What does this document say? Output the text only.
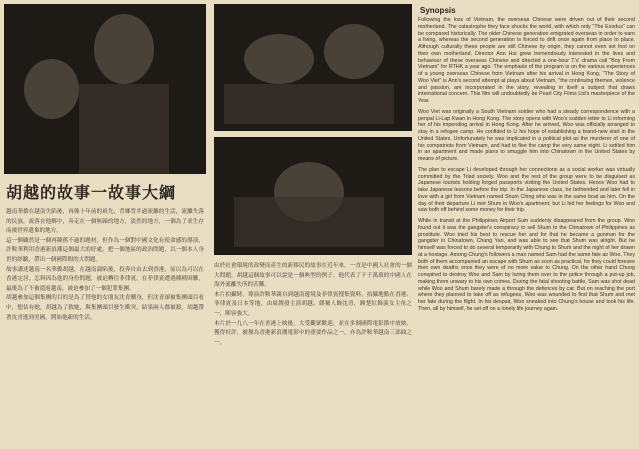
胡越的故事一故事大綱

越南華僑在越南失陷後，再像十年前的祖先，背鄉背井過流離的生活，流離失落的民族，流落在他鄉中，奔走在一個無歸的地方，淡然的地方，一個為了求生存而被世界遺棄的地方。

這一個雖然是一個再陳舊不過的題材，但作為一個對中國文化有使命感的導演，許鞍華利用香港新浪潮這個最大的好處，把一個地區的政治問題，以一個本人身世的經驗，帶出一個國際間的大問題。

故事講述越南一名華僑胡越，在越南淪陷後，投奔自由去到香港，原以為可以在香港定居，怎料因為他的身份問題，被迫轉往菲律賓，在菲律賓遭遇種種困難，最後為了不被遣返越南，被迫參加了一個犯罪集團。

胡越參加這個集團的目的是為了替他的女朋友沈青贖身，但沈青卻被集團頭目看中，想佔有她，胡越為了救她，與集團頭目發生衝突，結果兩人都被殺，胡越帶著沈青逃到美國，開始他新的生活。

由於社會環境的改變而產生的新移民的故事在近年來，一直是中國人社會的一個大問題，胡越這個故事可以說是一個典型的例子，他代表了千千萬萬的中國人在海外流離失所的苦難。

本片拍攝時，導演許鞍華親自到越南邊境及菲律賓搜集資料，拍攝地點在香港、菲律賓及日本等地，由周潤發主演胡越，繆騫人飾沈青，鍾楚紅飾演女主角之一，陣容強大。

本片於一九八一年在香港上映後，大受觀眾歡迎，並在多個國際電影節中放映，獲得好評，被譽為香港新浪潮電影中的重要作品之一，亦為許鞍華越南三部曲之一。

Synopsis

Following the loss of Vietnam, the overseas Chinese were driven out of their second motherland. The catastrophe they face shocks the world, with which only "The Exodus" can be compared historically. The older Chinese generation emigrated overseas in order to earn a living, whereas the second generation is forced to drift once again from place to place. Although culturally these people are still Chinese by origin, they cannot even set foot on their own motherland. Director Ann Hui grew tremendously interested in the lives and behaviour of these overseas Chinese and directed a one-hour T.V. drama call "Boy From Vietnam" for RTHK a year ago. The emphasis of the program is on the various experiences of a young overseas Chinese from Vietnam after his arrival in Hong Kong. "The Story of Woo Viet" is Ann's second attempt at plays about Vietnam, "the continuing themes, violence and passion, are incorporated in the story, revealing in itself a subject that draws international concern. This film will undoubtedly be Pearl City Films Ltd's masterpiece of the Year.

Woo Viet was originally a South Vietnam soldier who had a steady correspondence with a penpal Li-Lap Kwan in Hong Kong. The story opens with Woo's sudden letter to Li informing her of his impending arrival in Hong Kong. After he arrived, Woo was officially arranged to stay in a refugee camp. He confided to Li his hope of establishing a brand-new start in the United States. Unfortunately he was implicated in a political plot as the murderer of one of his compatriots from Vietnam, and had to flee the camp the very same night. Li settled him in an apartment and made plans to smuggle him into Chinatown in the United States by means of picture.

The plan to escape Li developed through her connections as a social worker was virtually committed by the Triad society. Woo and the rest of the group were to be disguised as Japanese tourists holding forged passports visiting the United States. Hence Woo had to take Japanese lessons before the trip. In the Japanese class, he befriended and later fell in love with a girl from Vietnam named Shum Ching who was in the same boat as him. On the day of their departure Li met Shum in Woo's apartment, but Li hid her feelings for Woo and saw both off behind some money for their trip.

While in transit at the Philippines Airport Sum suddenly disappeared from the group. Woo found out it was the gangster's conspiracy to sell Shum to the Chinatown of Philippines as prostitute. Woo tried his best to rescue her and for that he became a gunman for the gangster in Chinatown, Chung Yan, and was able to see that Shum was alright. But he himself was forced to do several temporarily with Chung to Shum and the night of her drawn at a hostage. Among Chung's followers a man named Sam had the same fate as Woo. They both of them accompanied an escape with Shum as soon as practical, for they could foresee their own deaths once they were of no more value to Chung. On the other hand Chung conspired to destroy Woo and Sam by luring them over to the police through a put-up job, making them unwary to his own crimes. During the fatal shooting battle, Sam was shot dead while Woo and Shum barely made a through the defences by car. But on reaching the port where they planned to take off as refugees, Woo was wounded to find that Shum and met her fate during the flight. In his despair, Woo sneaked into Chung's house and took his life. Then, all by himself, he set off on a lonely life journey again.
